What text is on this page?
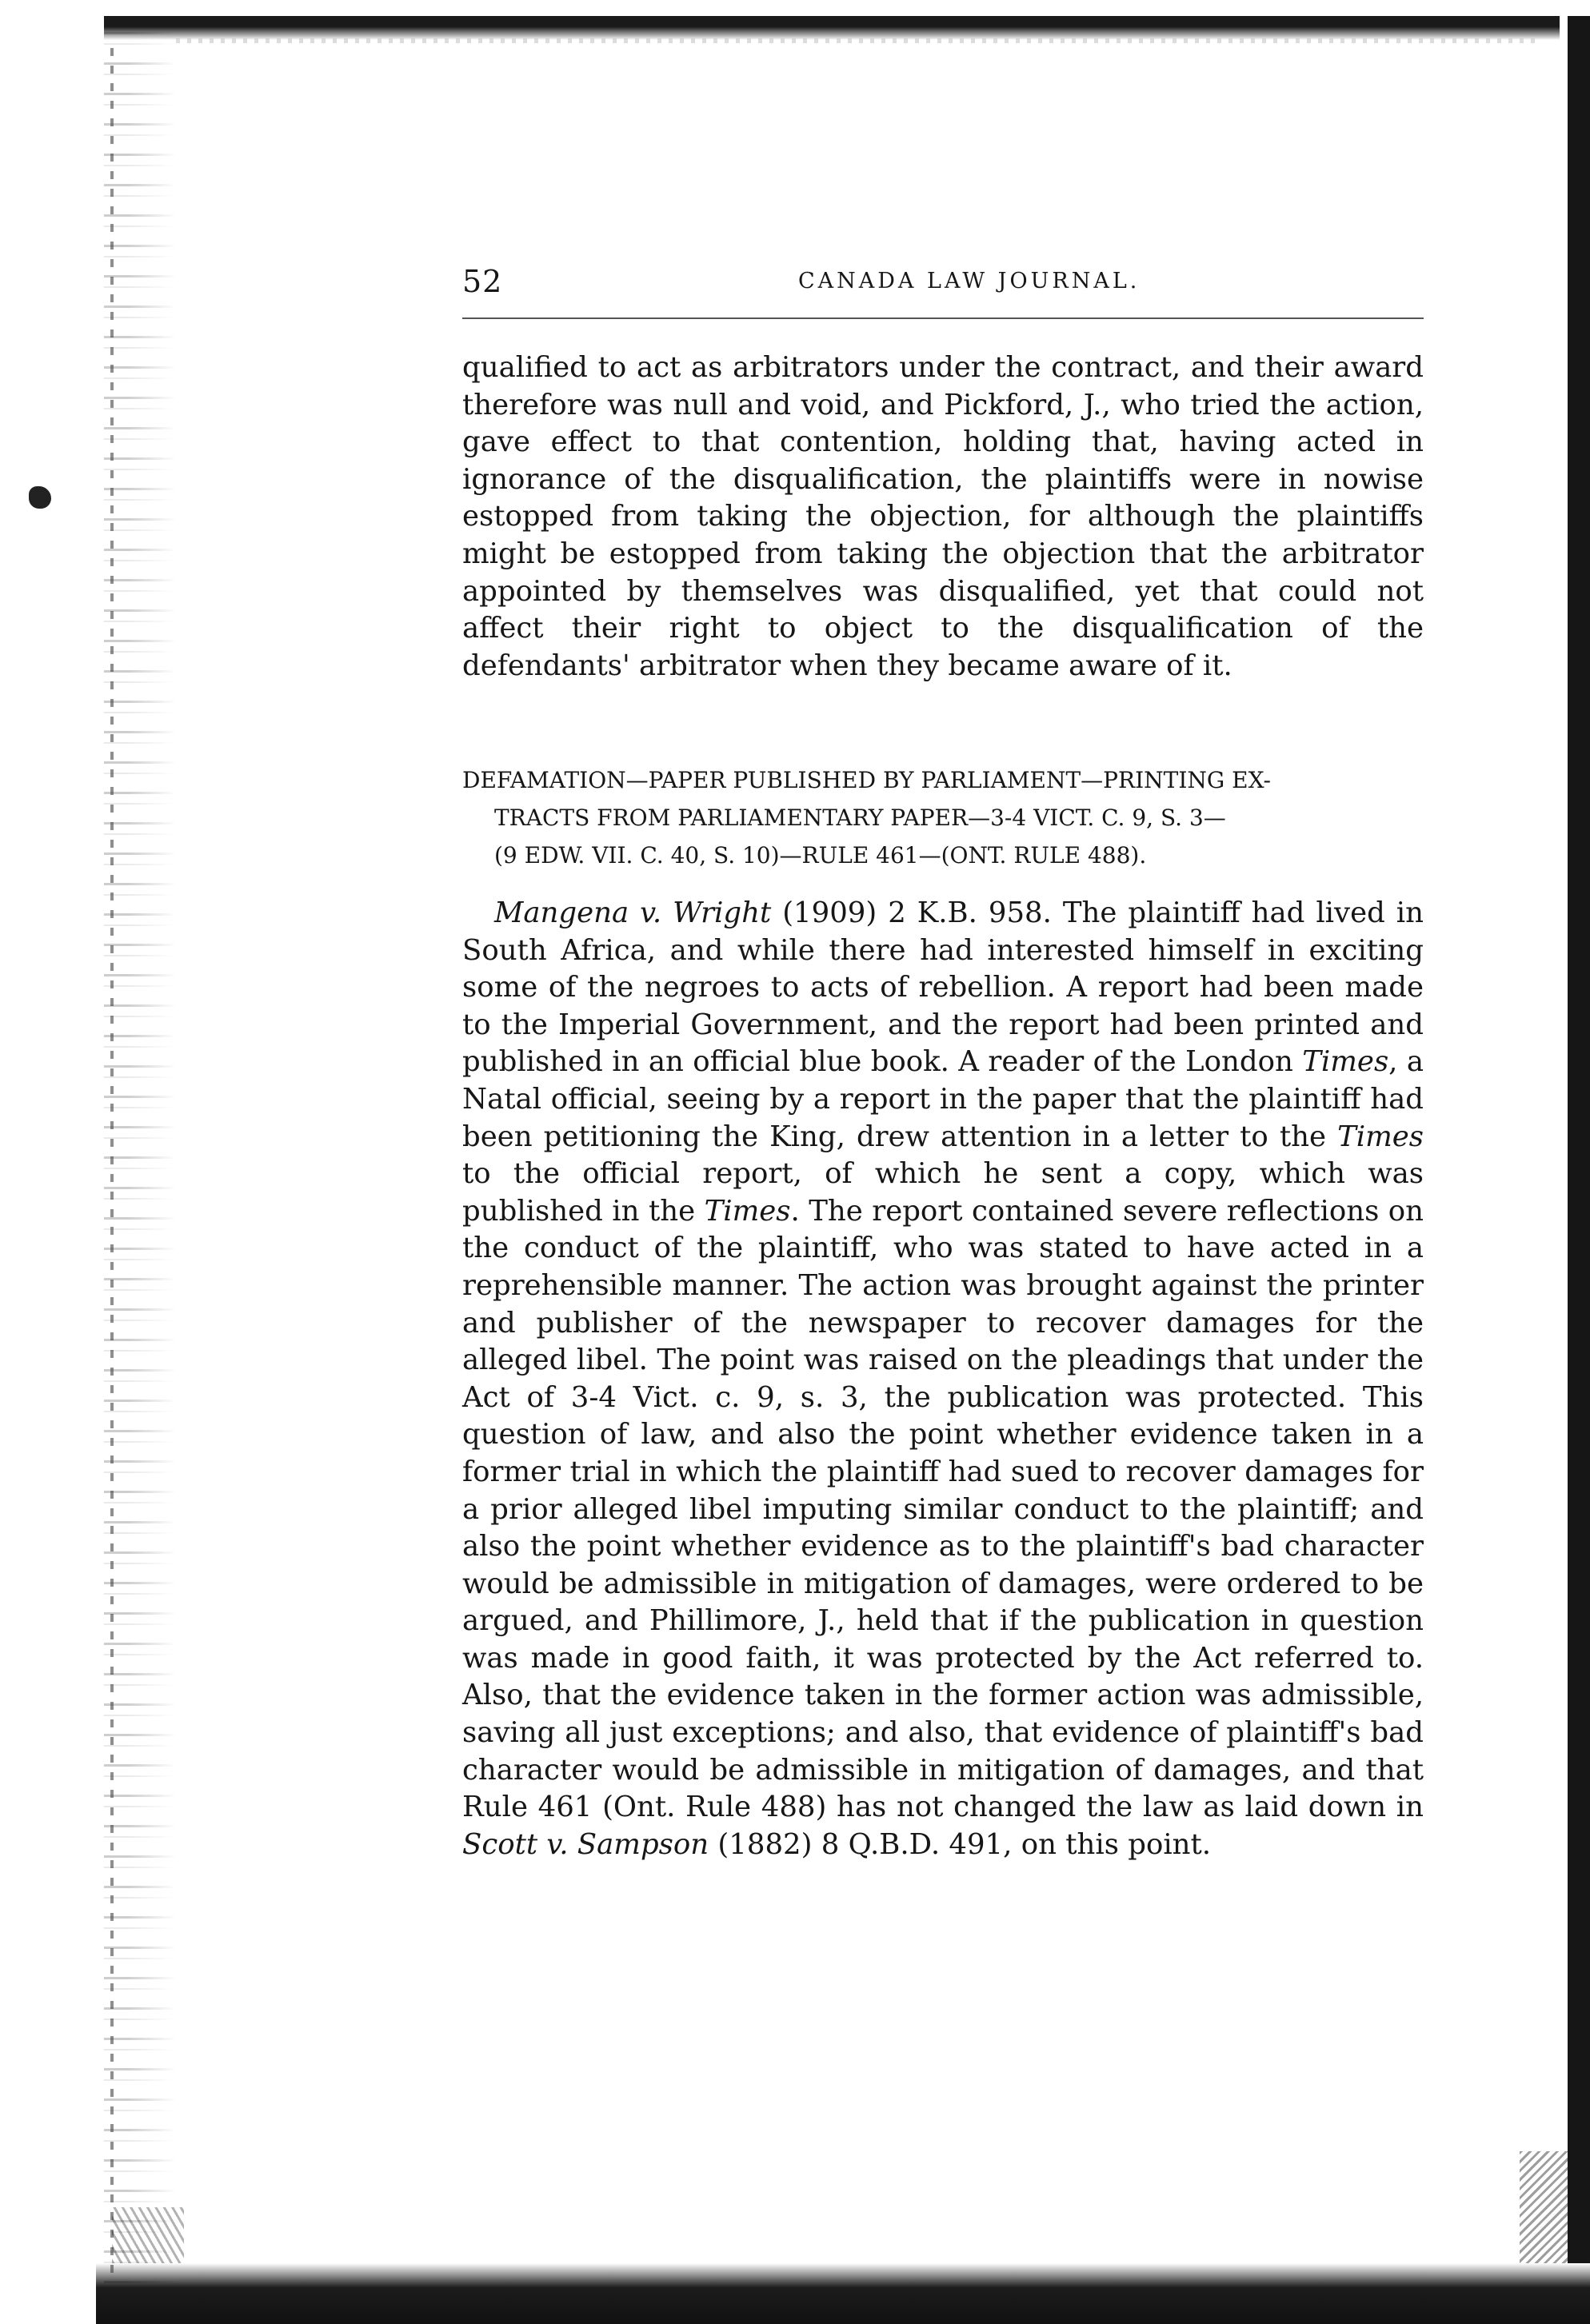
52	CANADA LAW JOURNAL.

qualified to act as arbitrators under the contract, and their award therefore was null and void, and Pickford, J., who tried the action, gave effect to that contention, holding that, having acted in ignorance of the disqualification, the plaintiffs were in nowise estopped from taking the objection, for although the plaintiffs might be estopped from taking the objection that the arbitrator appointed by themselves was disqualified, yet that could not affect their right to object to the disqualification of the defendants' arbitrator when they became aware of it.

DEFAMATION—PAPER PUBLISHED BY PARLIAMENT—PRINTING EX-
TRACTS FROM PARLIAMENTARY PAPER—3-4 VICT. C. 9, S. 3—
(9 EDW. VII. C. 40, S. 10)—RULE 461—(ONT. RULE 488).

Mangena v. Wright (1909) 2 K.B. 958. The plaintiff had lived in South Africa, and while there had interested himself in exciting some of the negroes to acts of rebellion. A report had been made to the Imperial Government, and the report had been printed and published in an official blue book. A reader of the London Times, a Natal official, seeing by a report in the paper that the plaintiff had been petitioning the King, drew attention in a letter to the Times to the official report, of which he sent a copy, which was published in the Times. The report contained severe reflections on the conduct of the plaintiff, who was stated to have acted in a reprehensible manner. The action was brought against the printer and publisher of the newspaper to recover damages for the alleged libel. The point was raised on the pleadings that under the Act of 3-4 Vict. c. 9, s. 3, the publication was protected. This question of law, and also the point whether evidence taken in a former trial in which the plaintiff had sued to recover damages for a prior alleged libel imputing similar conduct to the plaintiff; and also the point whether evidence as to the plaintiff's bad character would be admissible in mitigation of damages, were ordered to be argued, and Phillimore, J., held that if the publication in question was made in good faith, it was protected by the Act referred to. Also, that the evidence taken in the former action was admissible, saving all just exceptions; and also, that evidence of plaintiff's bad character would be admissible in mitigation of damages, and that Rule 461 (Ont. Rule 488) has not changed the law as laid down in Scott v. Sampson (1882) 8 Q.B.D. 491, on this point.
